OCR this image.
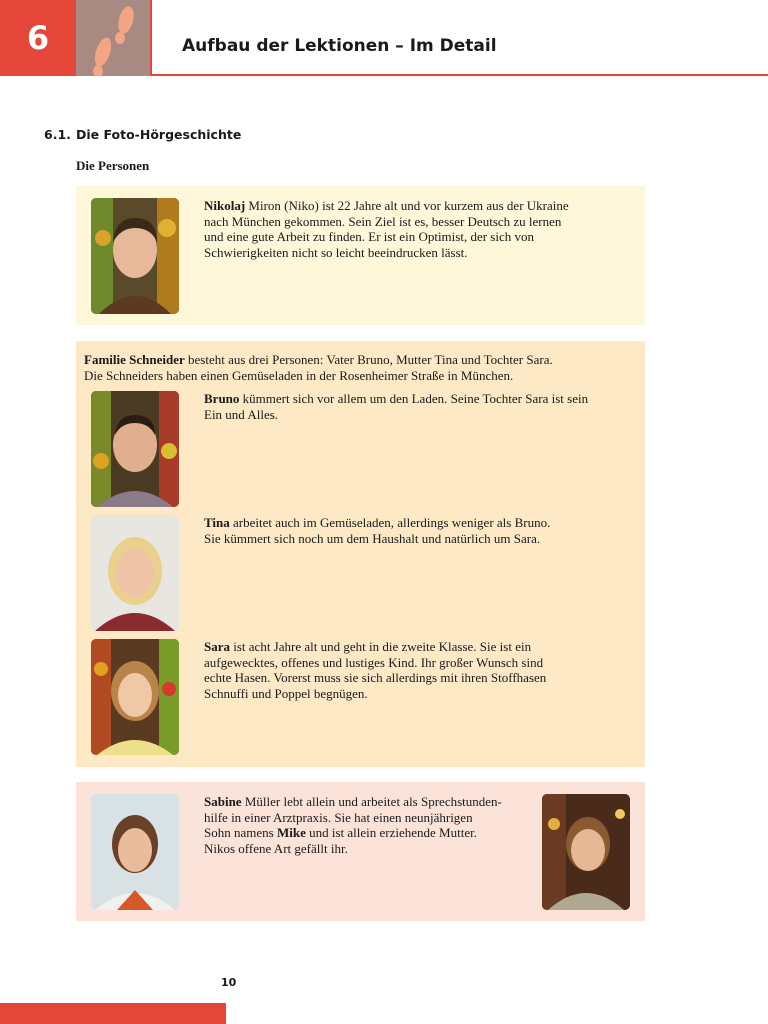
6	Aufbau der Lektionen – Im Detail
6.1. Die Foto-Hörgeschichte
Die Personen
Nikolaj Miron (Niko) ist 22 Jahre alt und vor kurzem aus der Ukraine
nach München gekommen. Sein Ziel ist es, besser Deutsch zu lernen
und eine gute Arbeit zu finden. Er ist ein Optimist, der sich von
Schwierigkeiten nicht so leicht beeindrucken lässt.
Familie Schneider besteht aus drei Personen: Vater Bruno, Mutter Tina und Tochter Sara.
Die Schneiders haben einen Gemüseladen in der Rosenheimer Straße in München.
Bruno kümmert sich vor allem um den Laden. Seine Tochter Sara ist sein
Ein und Alles.
Tina arbeitet auch im Gemüseladen, allerdings weniger als Bruno.
Sie kümmert sich noch um dem Haushalt und natürlich um Sara.
Sara ist acht Jahre alt und geht in die zweite Klasse. Sie ist ein
aufgewecktes, offenes und lustiges Kind. Ihr großer Wunsch sind
echte Hasen. Vorerst muss sie sich allerdings mit ihren Stoffhasen
Schnuffi und Poppel begnügen.
Sabine Müller lebt allein und arbeitet als Sprechstunden-
hilfe in einer Arztpraxis. Sie hat einen neunjährigen
Sohn namens Mike und ist allein erziehende Mutter.
Nikos offene Art gefällt ihr.
10
